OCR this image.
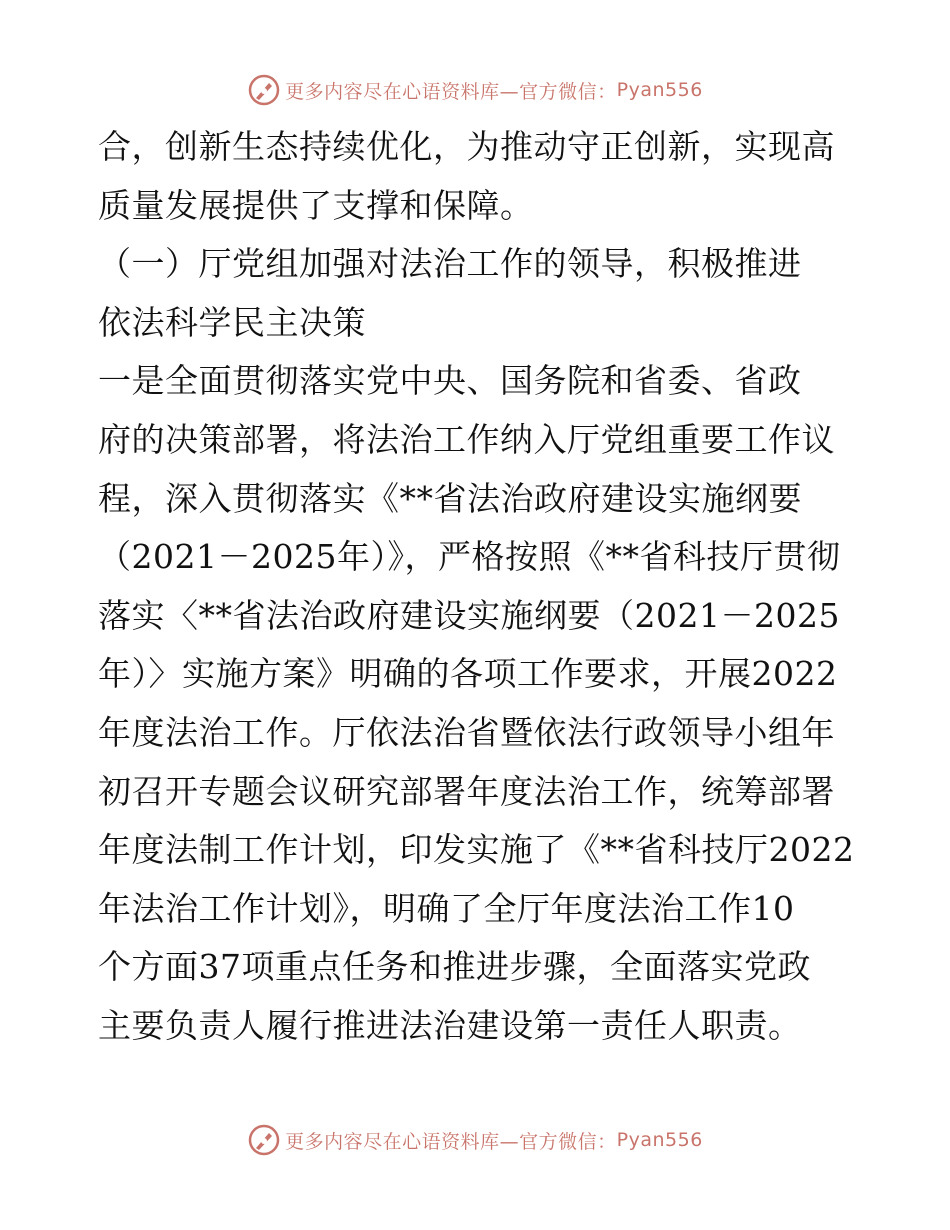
更多内容尽在心语资料库—官方微信： Pyan556
合，创新生态持续优化，为推动守正创新，实现高
质量发展提供了支撑和保障。
（一）厅党组加强对法治工作的领导，积极推进
依法科学民主决策
一是全面贯彻落实党中央、国务院和省委、省政
府的决策部署，将法治工作纳入厅党组重要工作议
程，深入贯彻落实《**省法治政府建设实施纲要
（2021－2025年）》，严格按照《**省科技厅贯彻
落实〈**省法治政府建设实施纲要（2021－2025
年）〉实施方案》明确的各项工作要求，开展2022
年度法治工作。厅依法治省暨依法行政领导小组年
初召开专题会议研究部署年度法治工作，统筹部署
年度法制工作计划，印发实施了《**省科技厅2022
年法治工作计划》，明确了全厅年度法治工作10
个方面37项重点任务和推进步骤，全面落实党政
主要负责人履行推进法治建设第一责任人职责。
更多内容尽在心语资料库—官方微信： Pyan556
